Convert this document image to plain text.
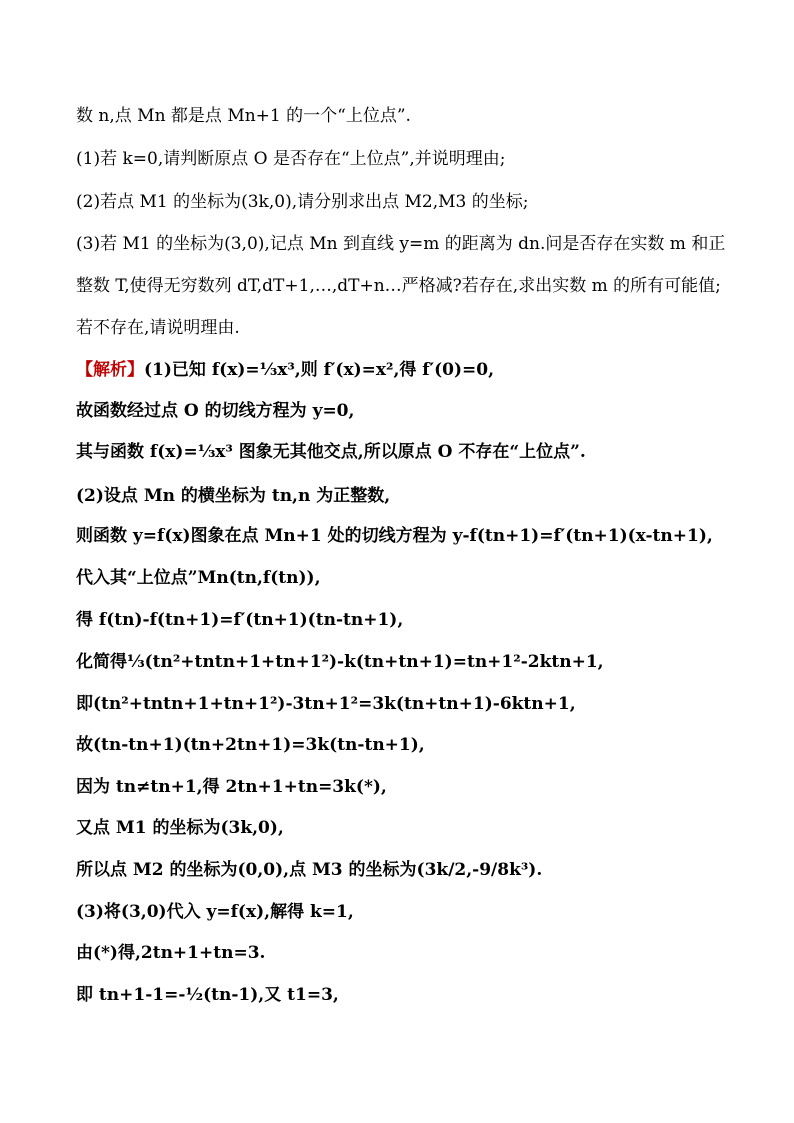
数 n,点 Mn 都是点 Mn+1 的一个“上位点”.
(1)若 k=0,请判断原点 O 是否存在“上位点”,并说明理由;
(2)若点 M1 的坐标为(3k,0),请分别求出点 M2,M3 的坐标;
(3)若 M1 的坐标为(3,0),记点 Mn 到直线 y=m 的距离为 dn.问是否存在实数 m 和正
整数 T,使得无穷数列 dT,dT+1,…,dT+n…严格减?若存在,求出实数 m 的所有可能值;
若不存在,请说明理由.
【解析】(1)已知 f(x)=⅓x³,则 f′(x)=x²,得 f′(0)=0,
故函数经过点 O 的切线方程为 y=0,
其与函数 f(x)=⅓x³ 图象无其他交点,所以原点 O 不存在“上位点”.
(2)设点 Mn 的横坐标为 tn,n 为正整数,
则函数 y=f(x)图象在点 Mn+1 处的切线方程为 y-f(tn+1)=f′(tn+1)(x-tn+1),
代入其“上位点”Mn(tn,f(tn)),
得 f(tn)-f(tn+1)=f′(tn+1)(tn-tn+1),
化简得⅓(tn²+tntn+1+tn+1²)-k(tn+tn+1)=tn+1²-2ktn+1,
即(tn²+tntn+1+tn+1²)-3tn+1²=3k(tn+tn+1)-6ktn+1,
故(tn-tn+1)(tn+2tn+1)=3k(tn-tn+1),
因为 tn≠tn+1,得 2tn+1+tn=3k(*),
又点 M1 的坐标为(3k,0),
所以点 M2 的坐标为(0,0),点 M3 的坐标为(3k/2,-9/8k³).
(3)将(3,0)代入 y=f(x),解得 k=1,
由(*)得,2tn+1+tn=3.
即 tn+1-1=-½(tn-1),又 t1=3,
